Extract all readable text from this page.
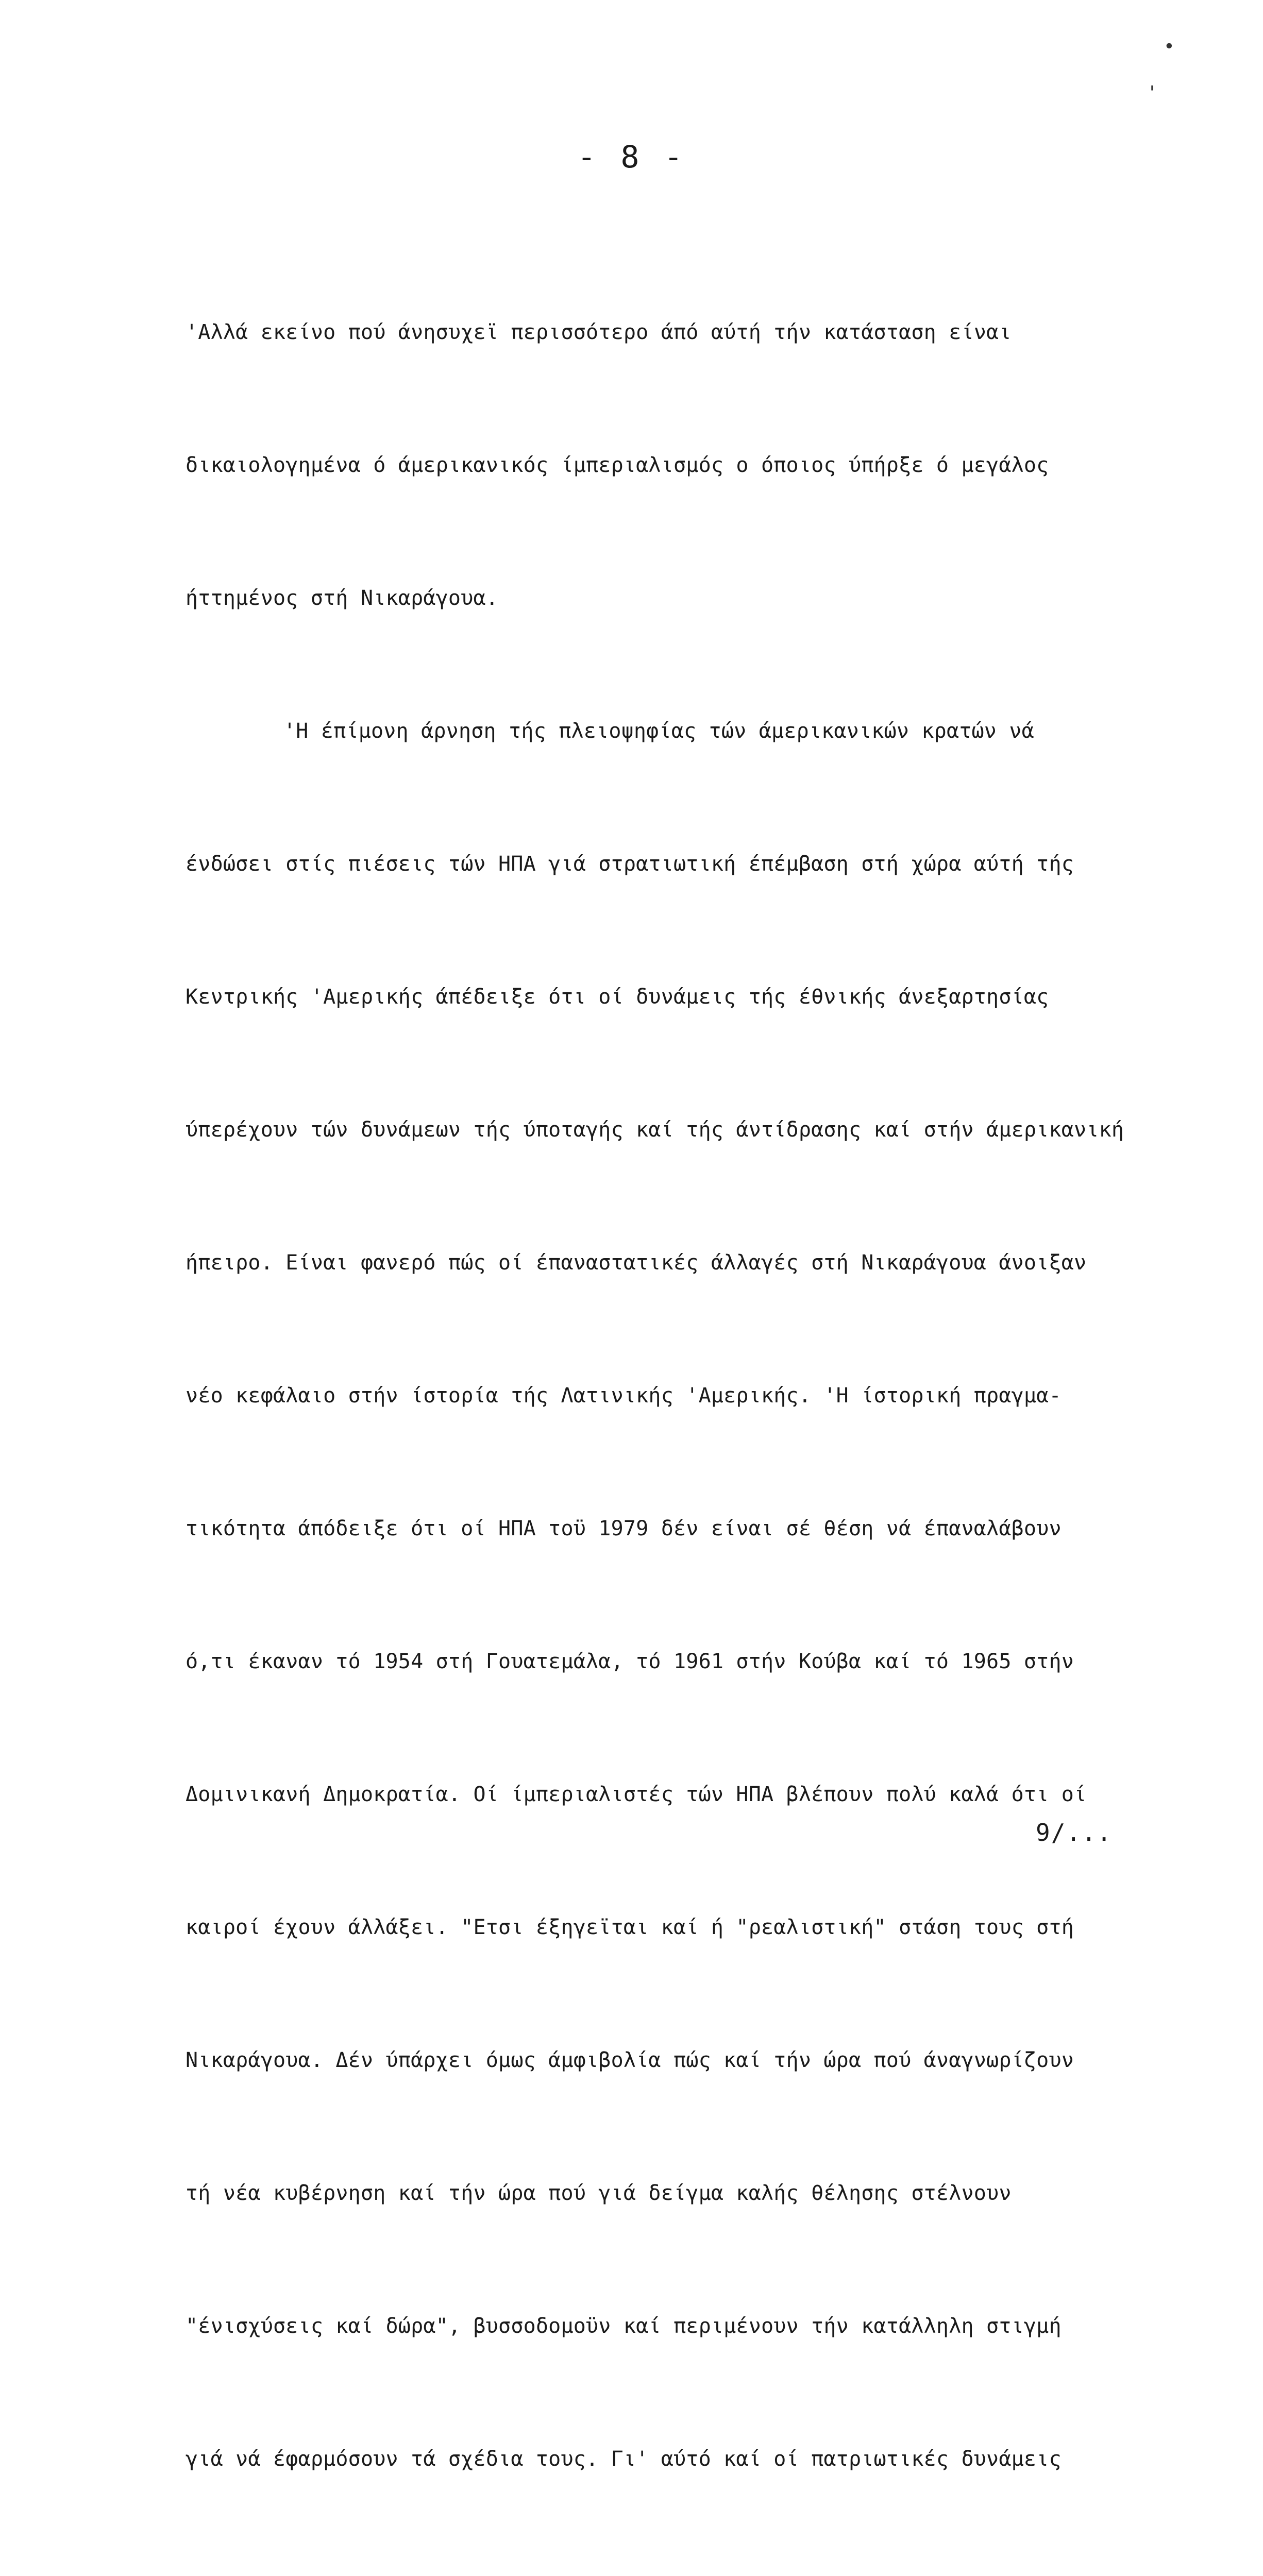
•
'
- 8 -

'Αλλά εκείνο πού άνησυχεϊ περισσότερο άπό αύτή τήν κατάσταση είναι

δικαιολογημένα ό άμερικανικός ίμπεριαλισμός ο όποιος ύπήρξε ό μεγάλος

ήττημένος στή Νικαράγουα.

'Η έπίμονη άρνηση τής πλειοψηφίας τών άμερικανικών κρατών νά

ένδώσει στίς πιέσεις τών ΗΠΑ γιά στρατιωτική έπέμβαση στή χώρα αύτή τής

Κεντρικής 'Αμερικής άπέδειξε ότι οί δυνάμεις τής έθνικής άνεξαρτησίας

ύπερέχουν τών δυνάμεων τής ύποταγής καί τής άντίδρασης καί στήν άμερικανική

ήπειρο. Είναι φανερό πώς οί έπαναστατικές άλλαγές στή Νικαράγουα άνοιξαν

νέο κεφάλαιο στήν ίστορία τής Λατινικής 'Αμερικής. 'Η ίστορική πραγμα-

τικότητα άπόδειξε ότι οί ΗΠΑ τοϋ 1979 δέν είναι σέ θέση νά έπαναλάβουν

ό,τι έκαναν τό 1954 στή Γουατεμάλα, τό 1961 στήν Κούβα καί τό 1965 στήν

Δομινικανή Δημοκρατία. Οί ίμπεριαλιστές τών ΗΠΑ βλέπουν πολύ καλά ότι οί

καιροί έχουν άλλάξει. "Ετσι έξηγεϊται καί ή "ρεαλιστική" στάση τους στή

Νικαράγουα. Δέν ύπάρχει όμως άμφιβολία πώς καί τήν ώρα πού άναγνωρίζουν

τή νέα κυβέρνηση καί τήν ώρα πού γιά δείγμα καλής θέλησης στέλνουν

"ένισχύσεις καί δώρα", βυσσοδομοϋν καί περιμένουν τήν κατάλληλη στιγμή

γιά νά έφαρμόσουν τά σχέδια τους. Γι' αύτό καί οί πατριωτικές δυνάμεις

9/...
